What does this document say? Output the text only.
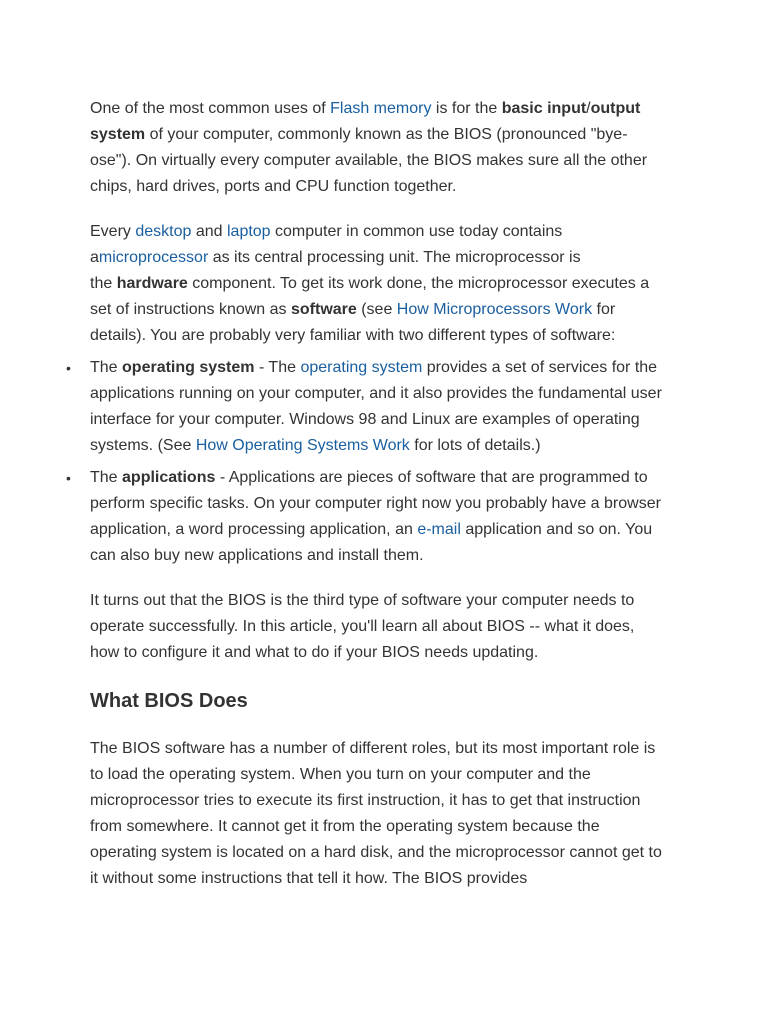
One of the most common uses of Flash memory is for the basic input/output
system of your computer, commonly known as the BIOS (pronounced "bye-
ose"). On virtually every computer available, the BIOS makes sure all the other
chips, hard drives, ports and CPU function together.

Every desktop and laptop computer in common use today contains
amicroprocessor as its central processing unit. The microprocessor is
the hardware component. To get its work done, the microprocessor executes a
set of instructions known as software (see How Microprocessors Work for
details). You are probably very familiar with two different types of software:

•	The operating system - The operating system provides a set of services for the
applications running on your computer, and it also provides the fundamental user
interface for your computer. Windows 98 and Linux are examples of operating
systems. (See How Operating Systems Work for lots of details.)
•	The applications - Applications are pieces of software that are programmed to
perform specific tasks. On your computer right now you probably have a browser
application, a word processing application, an e-mail application and so on. You
can also buy new applications and install them.

It turns out that the BIOS is the third type of software your computer needs to
operate successfully. In this article, you'll learn all about BIOS -- what it does,
how to configure it and what to do if your BIOS needs updating.

What BIOS Does

The BIOS software has a number of different roles, but its most important role is
to load the operating system. When you turn on your computer and the
microprocessor tries to execute its first instruction, it has to get that instruction
from somewhere. It cannot get it from the operating system because the
operating system is located on a hard disk, and the microprocessor cannot get to
it without some instructions that tell it how. The BIOS provides
